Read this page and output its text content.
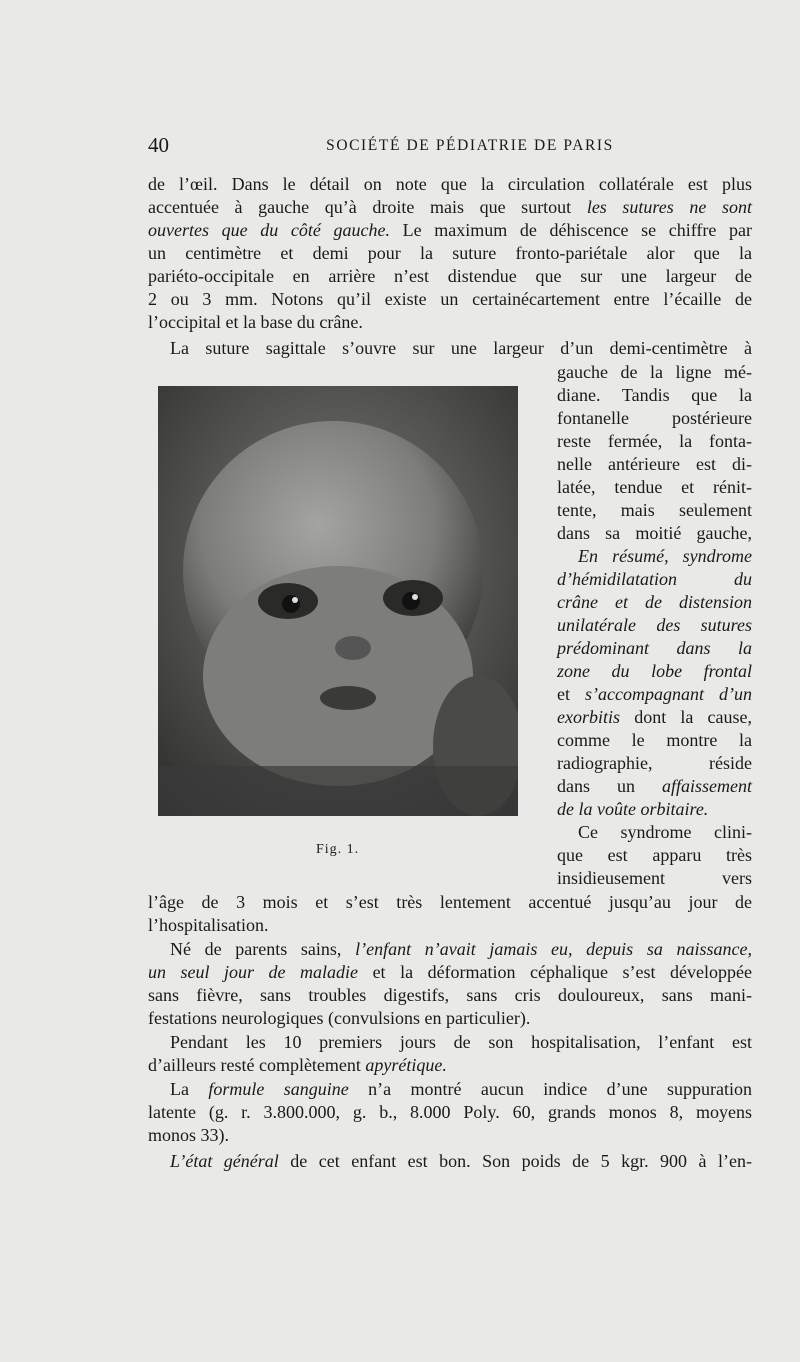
40	SOCIÉTÉ DE PÉDIATRIE DE PARIS
de l’œil. Dans le détail on note que la circulation collatérale est plus
accentuée à gauche qu’à droite mais que surtout les sutures ne sont
ouvertes que du côté gauche. Le maximum de déhiscence se chiffre par
un centimètre et demi pour la suture fronto-pariétale alor que la
pariéto-occipitale en arrière n’est distendue que sur une largeur de
2 ou 3 mm. Notons qu’il existe un certainécartement entre l’écaille de
l’occipital et la base du crâne.
La suture sagittale s’ouvre sur une largeur d’un demi-centimètre à
Fig. 1.
gauche de la ligne mé-
diane. Tandis que la
fontanelle postérieure
reste fermée, la fonta-
nelle antérieure est di-
latée, tendue et rénit-
tente, mais seulement
dans sa moitié gauche,
En résumé, syndrome
d’hémidilatation du
crâne et de distension
unilatérale des sutures
prédominant dans la
zone du lobe frontal
et s’accompagnant d’un
exorbitis dont la cause,
comme le montre la
radiographie, réside
dans un affaissement
de la voûte orbitaire.
Ce syndrome clini-
que est apparu très
insidieusement vers
l’âge de 3 mois et s’est très lentement accentué jusqu’au jour de
l’hospitalisation.
Né de parents sains, l’enfant n’avait jamais eu, depuis sa naissance,
un seul jour de maladie et la déformation céphalique s’est développée
sans fièvre, sans troubles digestifs, sans cris douloureux, sans mani-
festations neurologiques (convulsions en particulier).
Pendant les 10 premiers jours de son hospitalisation, l’enfant est
d’ailleurs resté complètement apyrétique.
La formule sanguine n’a montré aucun indice d’une suppuration
latente (g. r. 3.800.000, g. b., 8.000 Poly. 60, grands monos 8, moyens
monos 33).
L’état général de cet enfant est bon. Son poids de 5 kgr. 900 à l’en-
